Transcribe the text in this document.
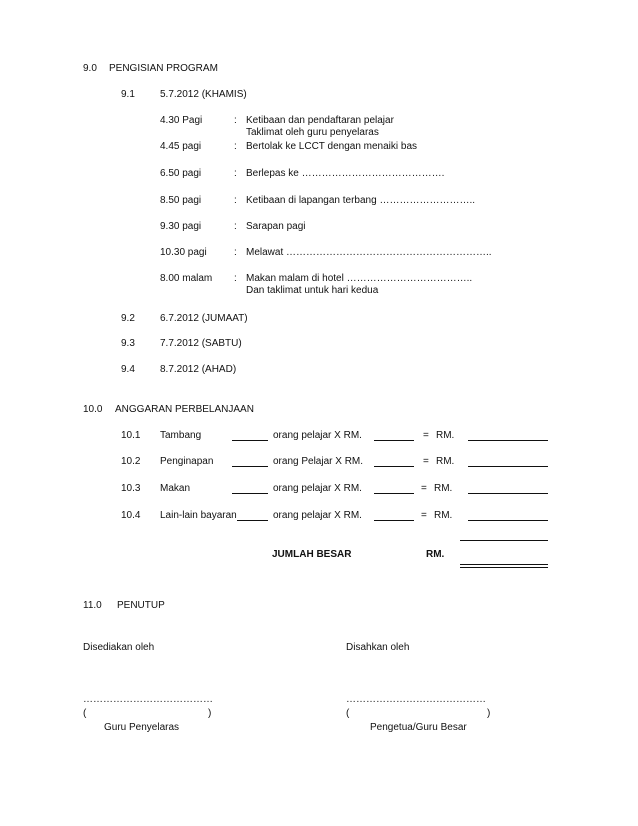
9.0 PENGISIAN PROGRAM
9.1	5.7.2012 (KHAMIS)
4.30 Pagi	: Ketibaan dan pendaftaran pelajar
Taklimat oleh guru penyelaras
4.45 pagi	: Bertolak ke LCCT dengan menaiki bas
6.50 pagi	: Berlepas ke …………………………………….
8.50 pagi	: Ketibaan di lapangan terbang ………………………..
9.30 pagi	: Sarapan pagi
10.30 pagi	: Melawat ……………………………………………………..
8.00 malam : Makan malam di hotel ………………………………..
Dan taklimat untuk hari kedua
9.2	6.7.2012 (JUMAAT)
9.3	7.7.2012 (SABTU)
9.4	8.7.2012 (AHAD)
10.0 ANGGARAN PERBELANJAAN
10.1 Tambang	orang pelajar X RM.	= RM.
10.2 Penginapan	orang Pelajar X RM.	= RM.
10.3 Makan	orang pelajar X RM.	= RM.
10.4 Lain-lain bayaran	orang pelajar X RM.	= RM.
JUMLAH BESAR	RM.
11.0 PENUTUP
Disediakan oleh	Disahkan oleh
…………………………………	……………………………………
(	)	(	)
Guru Penyelaras	Pengetua/Guru Besar
